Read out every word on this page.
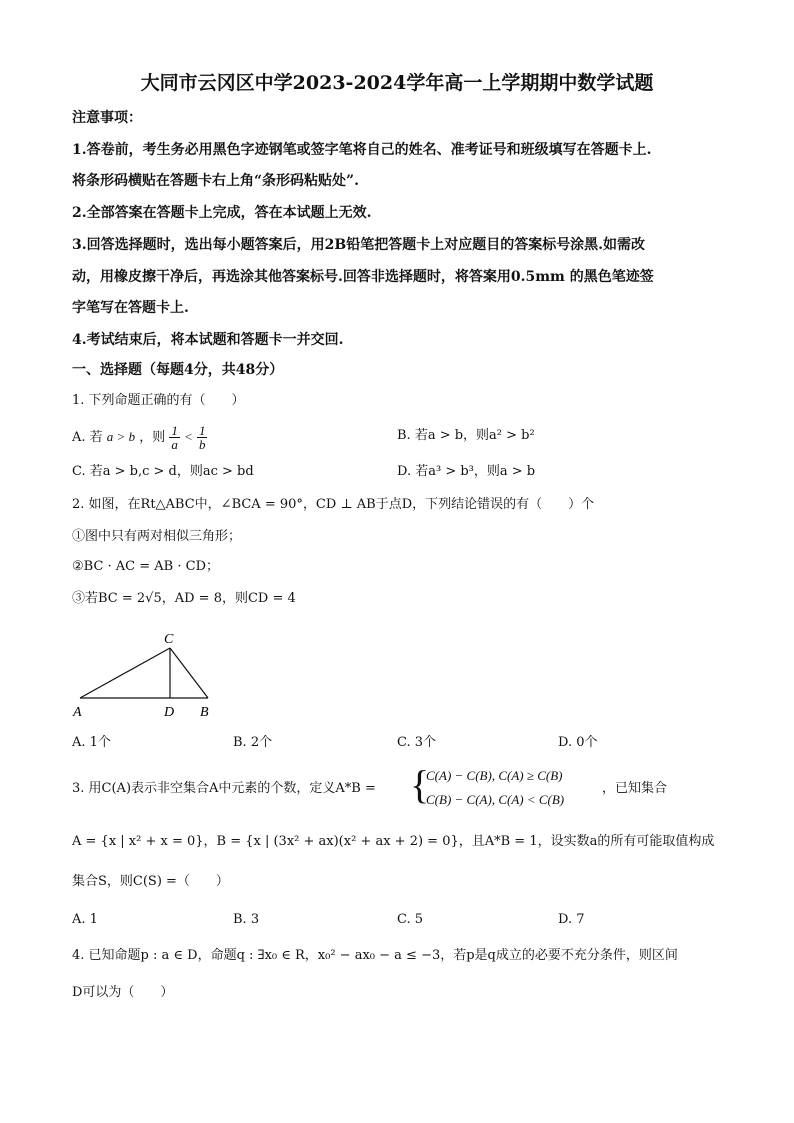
大同市云冈区中学2023-2024学年高一上学期期中数学试题
注意事项：
1.答卷前，考生务必用黑色字迹钢笔或签字笔将自己的姓名、准考证号和班级填写在答题卡上.
将条形码横贴在答题卡右上角“条形码粘贴处”.
2.全部答案在答题卡上完成，答在本试题上无效.
3.回答选择题时，选出每小题答案后，用2B铅笔把答题卡上对应题目的答案标号涂黑.如需改
动，用橡皮擦干净后，再选涂其他答案标号.回答非选择题时，将答案用0.5mm 的黑色笔迹签
字笔写在答题卡上.
4.考试结束后，将本试题和答题卡一并交回.
一、选择题（每题4分，共48分）
1. 下列命题正确的有（　　）
A. 若 a > b ，则 $\frac{1}{a} < \frac{1}{b}$	B. 若a > b，则a² > b²
C. 若a > b,c > d，则ac > bd	D. 若a³ > b³，则a > b
2. 如图，在Rt△ABC中，∠BCA = 90°，CD ⊥ AB于点D，下列结论错误的有（　　）个
①图中只有两对相似三角形；
②BC · AC = AB · CD；
③若BC = 2√5，AD = 8，则CD = 4
C
A	D B
A. 1个	B. 2个	C. 3个	D. 0个
3. 用C(A)表示非空集合A中元素的个数，定义A*B = {
C(A) − C(B), C(A) ≥ C(B)
C(B) − C(A), C(A) < C(B)
，已知集合
A = {x | x² + x = 0}，B = {x | (3x² + ax)(x² + ax + 2) = 0}，且A*B = 1，设实数a的所有可能取值构成
集合S，则C(S) =（　　）
A. 1	B. 3	C. 5	D. 7
4. 已知命题p : a ∈ D，命题q : ∃x₀ ∈ R，x₀² − ax₀ − a ≤ −3，若p是q成立的必要不充分条件，则区间
D可以为（　　）
